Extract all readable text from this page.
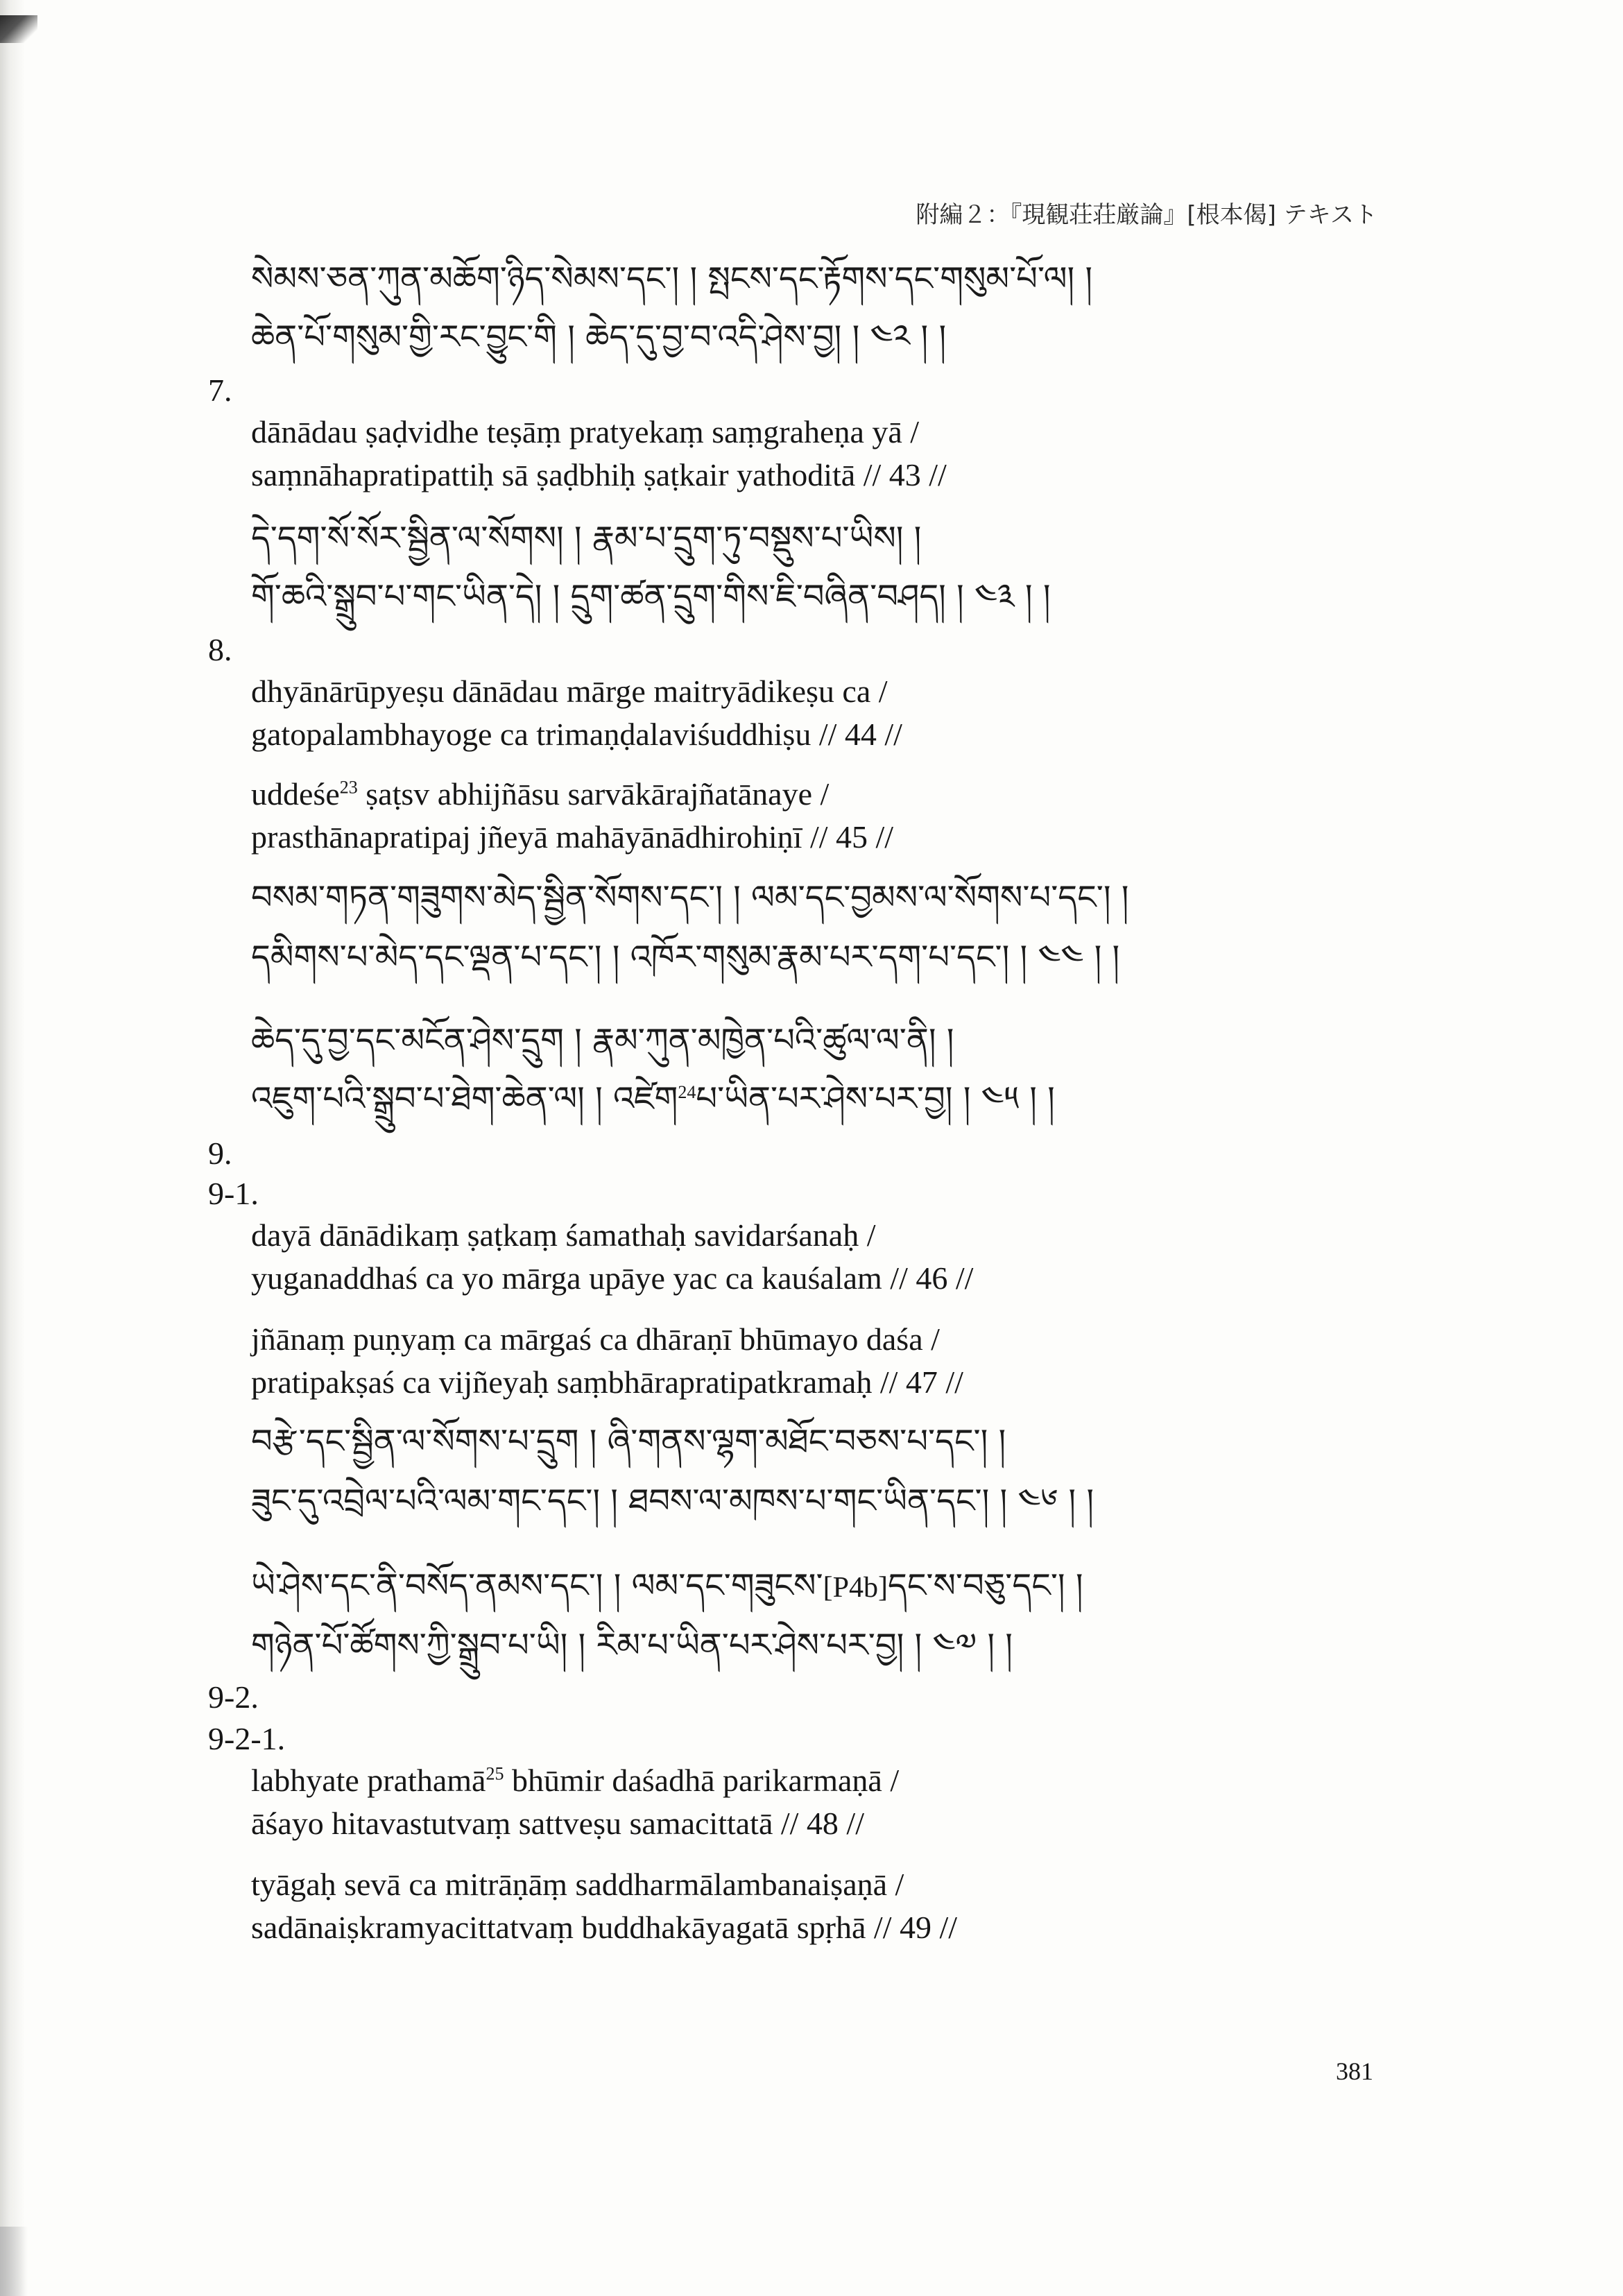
附編２：『現観荘荘厳論』[根本偈] テキスト
སེམས་ཅན་ཀུན་མཆོག་ཉིད་སེམས་དང་། ། སྤངས་དང་རྟོགས་དང་གསུམ་པོ་ལ། །
ཆེན་པོ་གསུམ་གྱི་རང་བྱུང་གི ། ཆེད་དུ་བྱ་བ་འདི་ཤེས་བྱ། ། ༤༢ ། །
7.
dānādau ṣaḍvidhe teṣāṃ pratyekaṃ saṃgraheṇa yā /
saṃnāhapratipattiḥ sā ṣaḍbhiḥ ṣaṭkair yathoditā // 43 //
དེ་དག་སོ་སོར་སྦྱིན་ལ་སོགས། ། རྣམ་པ་དྲུག་ཏུ་བསྡུས་པ་ཡིས། །
གོ་ཆའི་སྒྲུབ་པ་གང་ཡིན་དེ། ། དྲུག་ཚན་དྲུག་གིས་ཇི་བཞིན་བཤད། ། ༤༣ ། །
8.
dhyānārūpyeṣu dānādau mārge maitryādikeṣu ca /
gatopalambhayoge ca trimaṇḍalaviśuddhiṣu // 44 //
uddeśe$^{23}$ ṣaṭsv abhijñāsu sarvākārajñatānaye /
prasthānapratipaj jñeyā mahāyānādhirohiṇī // 45 //
བསམ་གཏན་གཟུགས་མེད་སྦྱིན་སོགས་དང་། ། ལམ་དང་བྱམས་ལ་སོགས་པ་དང་། །
དམིགས་པ་མེད་དང་ལྡན་པ་དང་། ། འཁོར་གསུམ་རྣམ་པར་དག་པ་དང་། ། ༤༤ ། །
ཆེད་དུ་བྱ་དང་མངོན་ཤེས་དྲུག ། རྣམ་ཀུན་མཁྱེན་པའི་ཚུལ་ལ་ནི། །
འཇུག་པའི་སྒྲུབ་པ་ཐེག་ཆེན་ལ། ། འཛེག$^{24}$པ་ཡིན་པར་ཤེས་པར་བྱ། ། ༤༥ ། །
9.
9-1.
dayā dānādikaṃ ṣaṭkaṃ śamathaḥ savidarśanaḥ /
yuganaddhaś ca yo mārga upāye yac ca kauśalam // 46 //
jñānaṃ puṇyaṃ ca mārgaś ca dhāraṇī bhūmayo daśa /
pratipakṣaś ca vijñeyaḥ saṃbhārapratipatkramaḥ // 47 //
བརྩེ་དང་སྦྱིན་ལ་སོགས་པ་དྲུག ། ཞི་གནས་ལྷག་མཐོང་བཅས་པ་དང་། །
ཟུང་དུ་འབྲེལ་པའི་ལམ་གང་དང་། ། ཐབས་ལ་མཁས་པ་གང་ཡིན་དང་། ། ༤༦ ། །
ཡེ་ཤེས་དང་ནི་བསོད་ནམས་དང་། ། ལམ་དང་གཟུངས་[P4b]དང་ས་བཅུ་དང་། །
གཉེན་པོ་ཚོགས་ཀྱི་སྒྲུབ་པ་ཡི། ། རིམ་པ་ཡིན་པར་ཤེས་པར་བྱ། ། ༤༧ ། །
9-2.
9-2-1.
labhyate prathamā$^{25}$ bhūmir daśadhā parikarmaṇā /
āśayo hitavastutvaṃ sattveṣu samacittatā // 48 //
tyāgaḥ sevā ca mitrāṇāṃ saddharmālambanaiṣaṇā /
sadānaiṣkramyacittatvaṃ buddhakāyagatā spṛhā // 49 //
381
